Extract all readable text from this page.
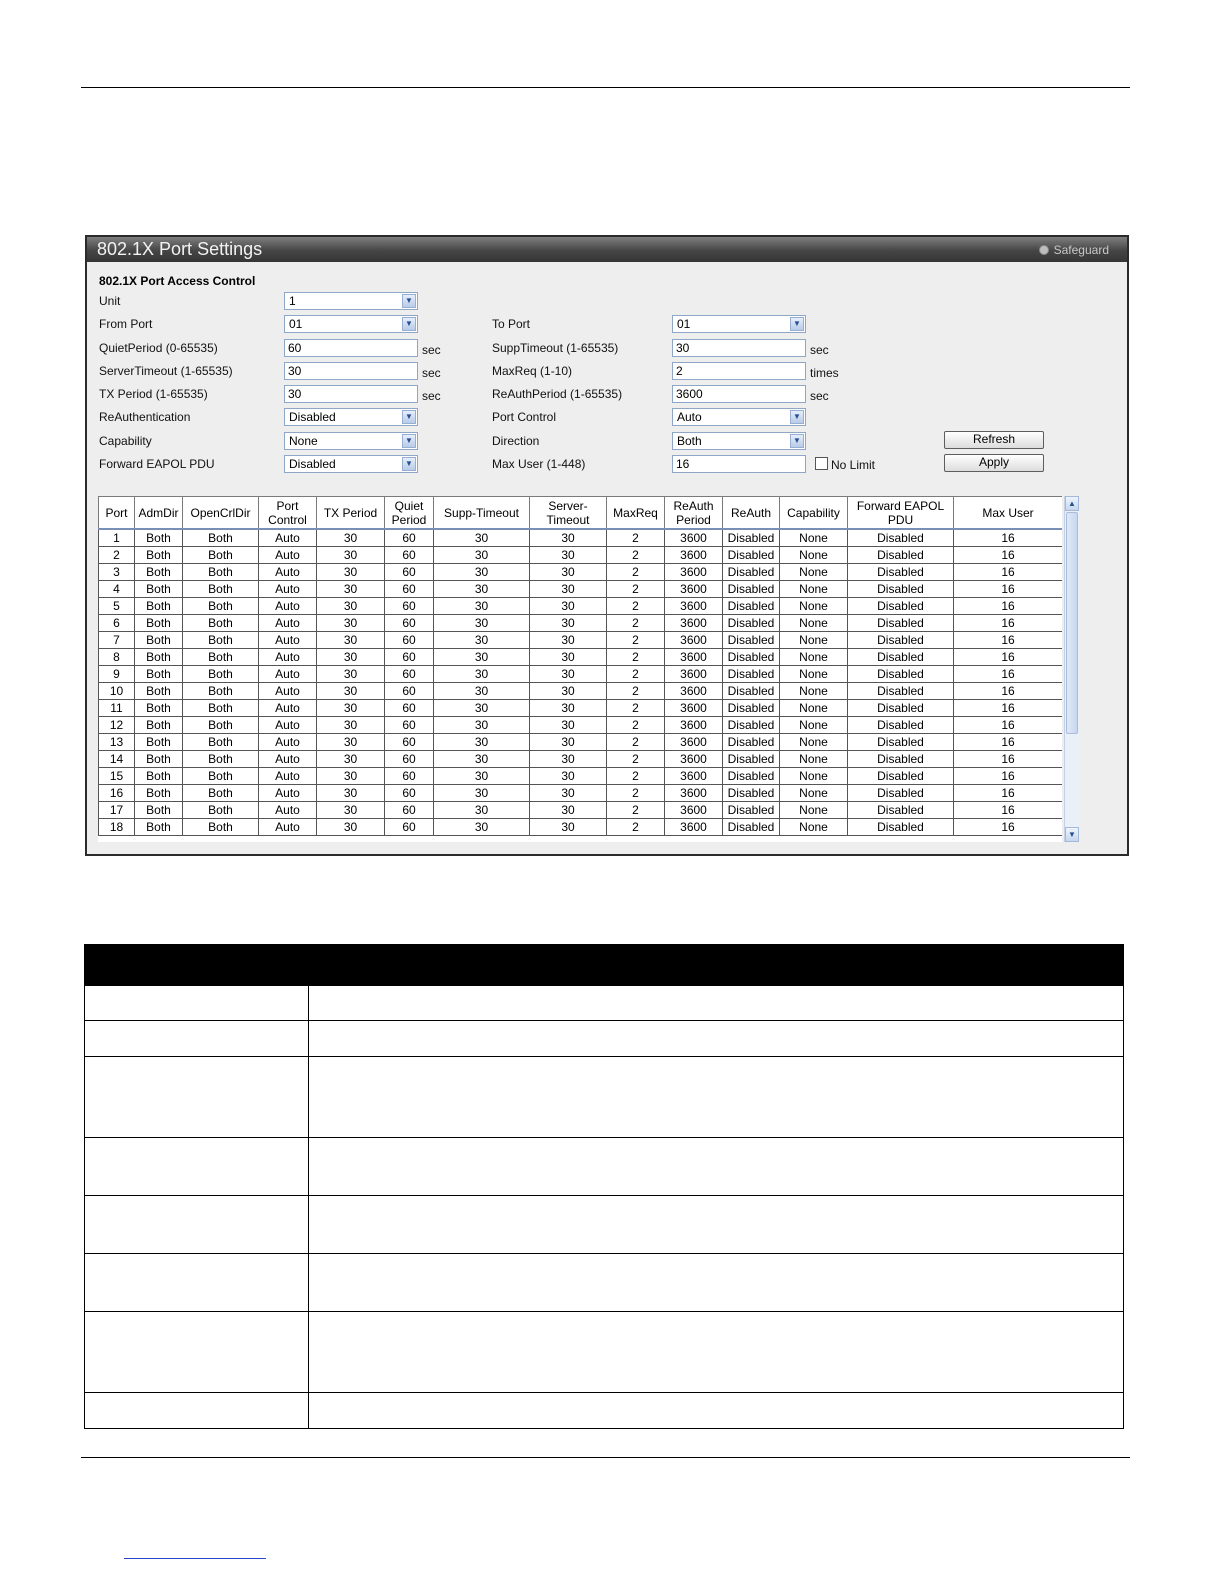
802.1X Port Settings	Safeguard
802.1X Port Access Control
Unit	1	▼
From Port	01	▼	To Port	01	▼
QuietPeriod (0-65535)	60	sec	SuppTimeout (1-65535)	30	sec
ServerTimeout (1-65535)	30	sec	MaxReq (1-10)	2	times
TX Period (1-65535)	30	sec	ReAuthPeriod (1-65535)	3600	sec
ReAuthentication	Disabled	▼	Port Control	Auto	▼
Capability	None	▼	Direction	Both	▼	Refresh
Forward EAPOL PDU	Disabled	▼	Max User (1-448)	16	No Limit	Apply
Port	AdmDir	OpenCrlDir	Port Control	TX Period	Quiet Period	Supp-Timeout	Server-Timeout	MaxReq	ReAuth Period	ReAuth	Capability	Forward EAPOL PDU	Max User
1	Both	Both	Auto	30	60	30	30	2	3600	Disabled	None	Disabled	16
2	Both	Both	Auto	30	60	30	30	2	3600	Disabled	None	Disabled	16
3	Both	Both	Auto	30	60	30	30	2	3600	Disabled	None	Disabled	16
4	Both	Both	Auto	30	60	30	30	2	3600	Disabled	None	Disabled	16
5	Both	Both	Auto	30	60	30	30	2	3600	Disabled	None	Disabled	16
6	Both	Both	Auto	30	60	30	30	2	3600	Disabled	None	Disabled	16
7	Both	Both	Auto	30	60	30	30	2	3600	Disabled	None	Disabled	16
8	Both	Both	Auto	30	60	30	30	2	3600	Disabled	None	Disabled	16
9	Both	Both	Auto	30	60	30	30	2	3600	Disabled	None	Disabled	16
10	Both	Both	Auto	30	60	30	30	2	3600	Disabled	None	Disabled	16
11	Both	Both	Auto	30	60	30	30	2	3600	Disabled	None	Disabled	16
12	Both	Both	Auto	30	60	30	30	2	3600	Disabled	None	Disabled	16
13	Both	Both	Auto	30	60	30	30	2	3600	Disabled	None	Disabled	16
14	Both	Both	Auto	30	60	30	30	2	3600	Disabled	None	Disabled	16
15	Both	Both	Auto	30	60	30	30	2	3600	Disabled	None	Disabled	16
16	Both	Both	Auto	30	60	30	30	2	3600	Disabled	None	Disabled	16
17	Both	Both	Auto	30	60	30	30	2	3600	Disabled	None	Disabled	16
18	Both	Both	Auto	30	60	30	30	2	3600	Disabled	None	Disabled	16
▲
▼
